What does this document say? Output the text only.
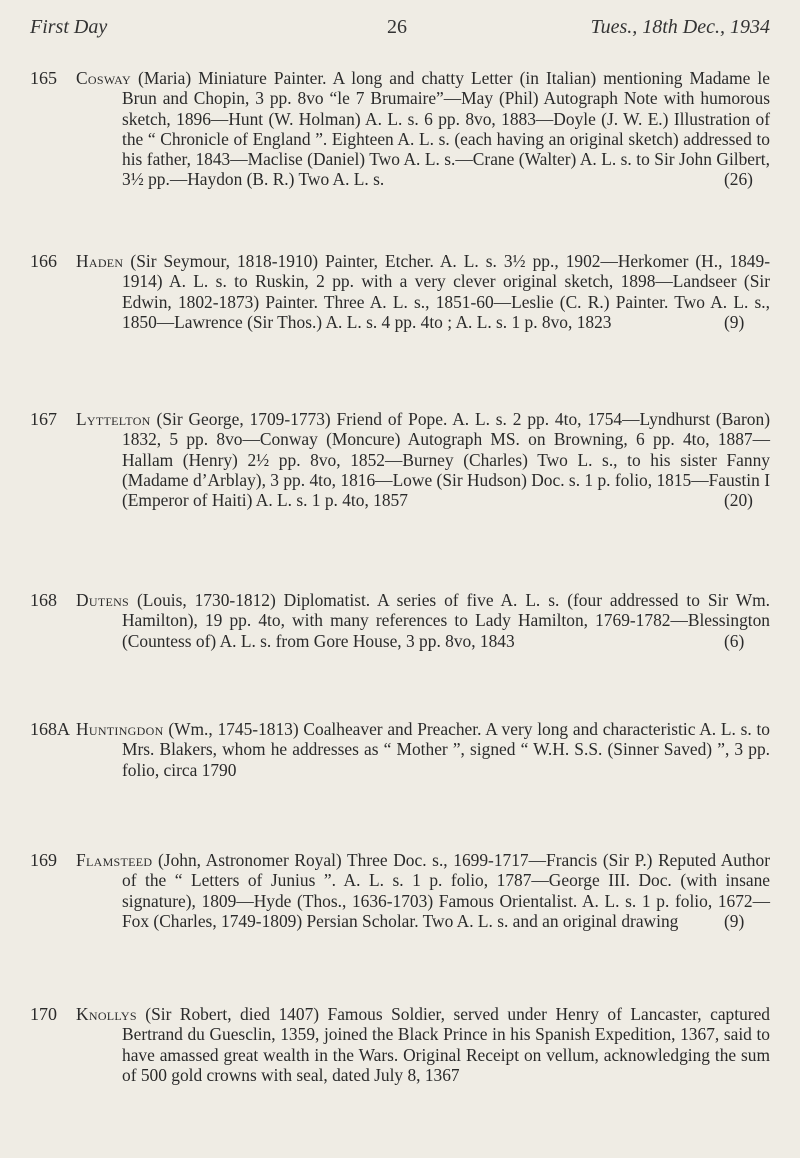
First Day	26	Tues., 18th Dec., 1934
165	Cosway (Maria) Miniature Painter. A long and chatty Letter (in Italian) mentioning Madame le Brun and Chopin, 3 pp. 8vo “le 7 Brumaire”—May (Phil) Autograph Note with humorous sketch, 1896—Hunt (W. Holman) A. L. s. 6 pp. 8vo, 1883—Doyle (J. W. E.) Illustration of the “ Chronicle of England ”. Eighteen A. L. s. (each having an original sketch) addressed to his father, 1843—Maclise (Daniel) Two A. L. s.—Crane (Walter) A. L. s. to Sir John Gilbert, 3½ pp.—Haydon (B. R.) Two A. L. s.	(26)
166	Haden (Sir Seymour, 1818-1910) Painter, Etcher. A. L. s. 3½ pp., 1902—Herkomer (H., 1849-1914) A. L. s. to Ruskin, 2 pp. with a very clever original sketch, 1898—Landseer (Sir Edwin, 1802-1873) Painter. Three A. L. s., 1851-60—Leslie (C. R.) Painter. Two A. L. s., 1850—Lawrence (Sir Thos.) A. L. s. 4 pp. 4to ; A. L. s. 1 p. 8vo, 1823	(9)
167	Lyttelton (Sir George, 1709-1773) Friend of Pope. A. L. s. 2 pp. 4to, 1754—Lyndhurst (Baron) 1832, 5 pp. 8vo—Conway (Moncure) Autograph MS. on Browning, 6 pp. 4to, 1887—Hallam (Henry) 2½ pp. 8vo, 1852—Burney (Charles) Two L. s., to his sister Fanny (Madame d’Arblay), 3 pp. 4to, 1816—Lowe (Sir Hudson) Doc. s. 1 p. folio, 1815—Faustin I (Emperor of Haiti) A. L. s. 1 p. 4to, 1857	(20)
168	Dutens (Louis, 1730-1812) Diplomatist. A series of five A. L. s. (four addressed to Sir Wm. Hamilton), 19 pp. 4to, with many references to Lady Hamilton, 1769-1782—Blessington (Countess of) A. L. s. from Gore House, 3 pp. 8vo, 1843	(6)
168A Huntingdon (Wm., 1745-1813) Coalheaver and Preacher. A very long and characteristic A. L. s. to Mrs. Blakers, whom he addresses as “ Mother ”, signed “ W.H. S.S. (Sinner Saved) ”, 3 pp. folio, circa 1790
169	Flamsteed (John, Astronomer Royal) Three Doc. s., 1699-1717—Francis (Sir P.) Reputed Author of the “ Letters of Junius ”. A. L. s. 1 p. folio, 1787—George III. Doc. (with insane signature), 1809—Hyde (Thos., 1636-1703) Famous Orientalist. A. L. s. 1 p. folio, 1672—Fox (Charles, 1749-1809) Persian Scholar. Two A. L. s. and an original drawing	(9)
170	Knollys (Sir Robert, died 1407) Famous Soldier, served under Henry of Lancaster, captured Bertrand du Guesclin, 1359, joined the Black Prince in his Spanish Expedition, 1367, said to have amassed great wealth in the Wars. Original Receipt on vellum, acknowledging the sum of 500 gold crowns with seal, dated July 8, 1367
